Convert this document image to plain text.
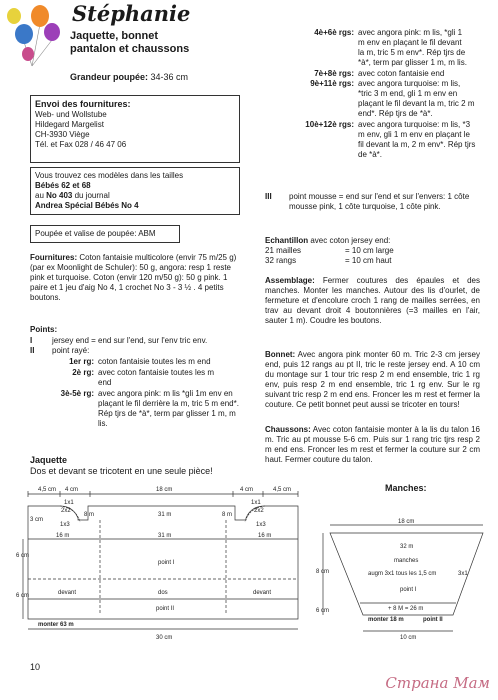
Stéphanie
Jaquette, bonnet
pantalon et chaussons
Grandeur poupée: 34-36 cm
Envoi des fournitures:
Web- und Wollstube
Hildegard Margelist
CH-3930 Viège
Tél. et Fax 028 / 46 47 06
Vous trouvez ces modèles dans les tailles
Bébés 62 et 68
au No 403 du journal
Andrea Spécial Bébés No 4
Poupée et valise de poupée: ABM
Fournitures: Coton fantaisie multicolore (envir 75 m/25 g) (par ex Moonlight de Schuler): 50 g, angora: resp 1 reste pink et turquoise. Coton (envir 120 m/50 g): 50 g pink. 1 paire et 1 jeu d'aig No 4, 1 crochet No 3 - 3 ½ . 4 petits boutons.
Points:
I	jersey end = end sur l'end, sur l'env tric env.
II	point rayé:
1er rg: coton fantaisie toutes les m end
2è rg: avec coton fantaisie toutes les m end
3è-5è rg: avec angora pink: m lis *gli 1m env en plaçant le fil derrière la m, tric 5 m end*. Rép tjrs de *à*, term par glisser 1 m, m lis.
Jaquette
Dos et devant se tricotent en une seule pièce!
4è+6è rgs: avec angora pink: m lis, *gli 1 m env en plaçant le fil devant la m, tric 5 m env*. Rép tjrs de *à*, term par glisser 1 m, m lis.
7è+8è rgs: avec coton fantaisie end
9è+11è rgs: avec angora turquoise: m lis, *tric 3 m end, gli 1 m env en plaçant le fil devant la m, tric 2 m end*. Rép tjrs de *à*.
10è+12è rgs: avec angora turquoise: m lis, *3 m env, gli 1 m env en plaçant le fil devant la m, 2 m env*. Rép tjrs de *à*.
III	point mousse = end sur l'end et sur l'envers: 1 côte mousse pink, 1 côte turquoise, 1 côte pink.
Echantillon avec coton jersey end:
21 mailles	= 10 cm large
32 rangs	= 10 cm haut
Assemblage: Fermer coutures des épaules et des manches. Monter les manches. Autour des lis d'ourlet, de fermeture et d'encolure croch 1 rang de mailles serrées, en trav au devant droit 4 boutonnières (=3 mailles en l'air, sauter 1 m). Coudre les boutons.
Bonnet: Avec angora pink monter 60 m. Tric 2-3 cm jersey end, puis 12 rangs au pt II, tric le reste jersey end. A 10 cm du montage sur 1 tour tric resp 2 m end ensemble, tric 1 rg env, puis resp 2 m end ensemble, tric 1 rg env. Sur le rg suivant tric resp 2 m end ens. Froncer les m rest et fermer la couture. Ce petit bonnet peut aussi se tricoter en tours!
Chaussons: Avec coton fantaisie monter à la lis du talon 16 m. Tric au pt mousse 5-6 cm. Puis sur 1 rang tric tjrs resp 2 m end ens. Froncer les m rest et fermer la couture sur 2 cm haut. Fermer couture du talon.
Manches:
4,5 cm 4 cm	18 cm	4 cm	4,5 cm
1x1
2x2
1x3
1x1
2x2
1x3
3 cm
8 m	31 m	8 m
16 m	31 m	16 m
6 cm
point I
6 cm	devant	dos	devant
point II
monter 63 m
30 cm
18 cm
32 m
manches
augm 3x1 tous les 1,5 cm	3x1
8 cm
point I
6 cm	+ 8 M = 26 m
monter 18 m	point II
10 cm
10
Страна Мам
